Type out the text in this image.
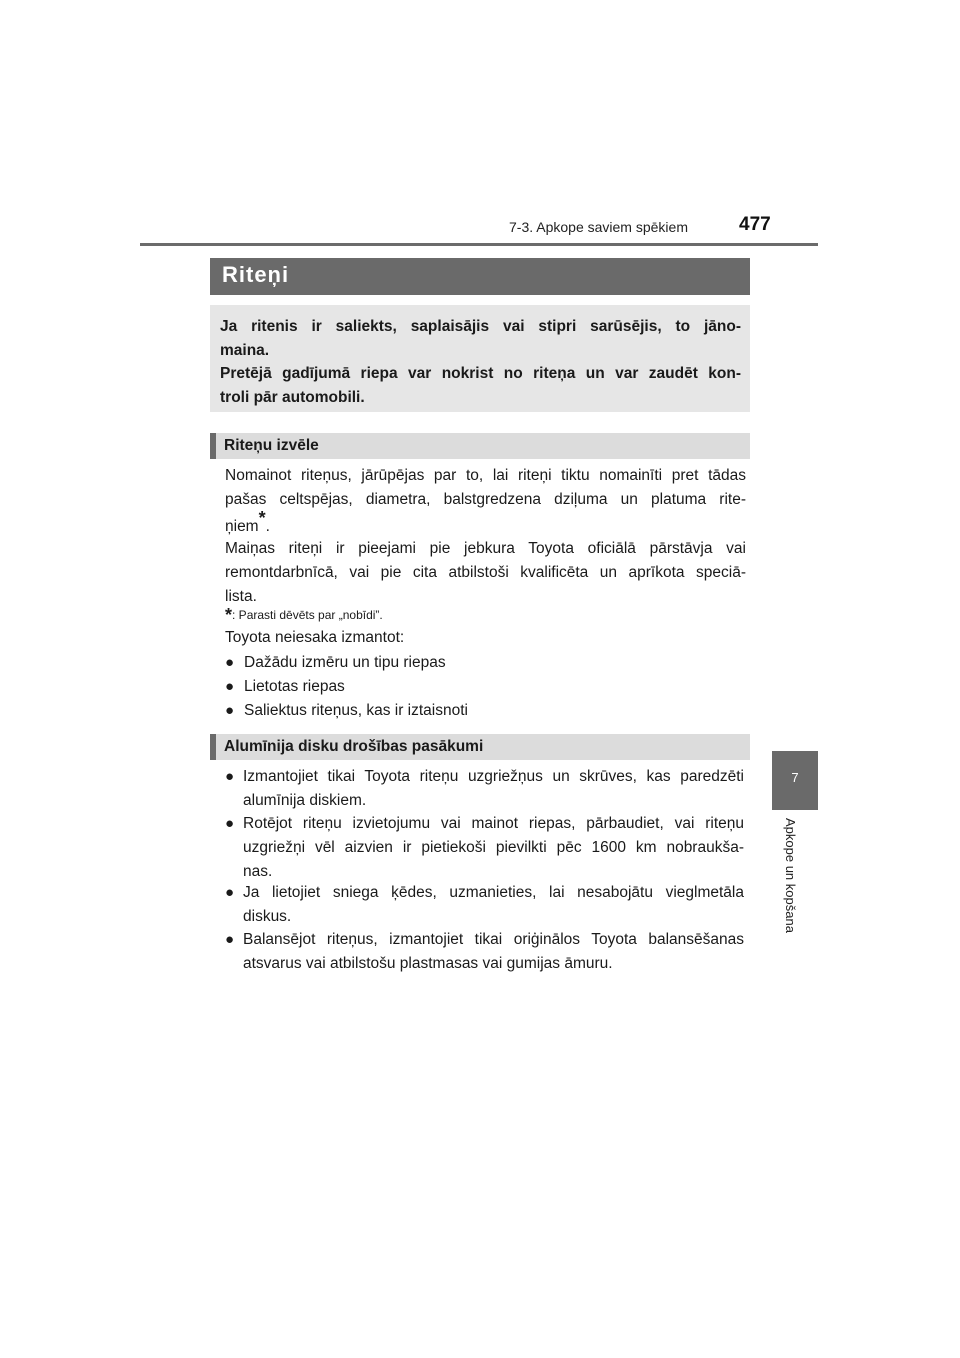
7-3. Apkope saviem spēkiem	477
7
Apkope un kopšana
Riteņi
Ja ritenis ir saliekts, saplaisājis vai stipri sarūsējis, to jāno-
maina.
Pretējā gadījumā riepa var nokrist no riteņa un var zaudēt kon-
troli pār automobili.
Riteņu izvēle
Nomainot riteņus, jārūpējas par to, lai riteņi tiktu nomainīti pret tādas
pašas celtspējas, diametra, balstgredzena dziļuma un platuma rite-
ņiem*.
Maiņas riteņi ir pieejami pie jebkura Toyota oficiālā pārstāvja vai
remontdarbnīcā, vai pie cita atbilstoši kvalificēta un aprīkota speciā-
lista.
*: Parasti dēvēts par „nobīdi”.
Toyota neiesaka izmantot:
● Dažādu izmēru un tipu riepas
● Lietotas riepas
● Saliektus riteņus, kas ir iztaisnoti
Alumīnija disku drošības pasākumi
● Izmantojiet tikai Toyota riteņu uzgriežņus un skrūves, kas paredzēti
alumīnija diskiem.
● Rotējot riteņu izvietojumu vai mainot riepas, pārbaudiet, vai riteņu
uzgriežņi vēl aizvien ir pietiekoši pievilkti pēc 1600 km nobraukša-
nas.
● Ja lietojiet sniega ķēdes, uzmanieties, lai nesabojātu vieglmetāla
diskus.
● Balansējot riteņus, izmantojiet tikai oriģinālos Toyota balansēšanas
atsvarus vai atbilstošu plastmasas vai gumijas āmuru.
